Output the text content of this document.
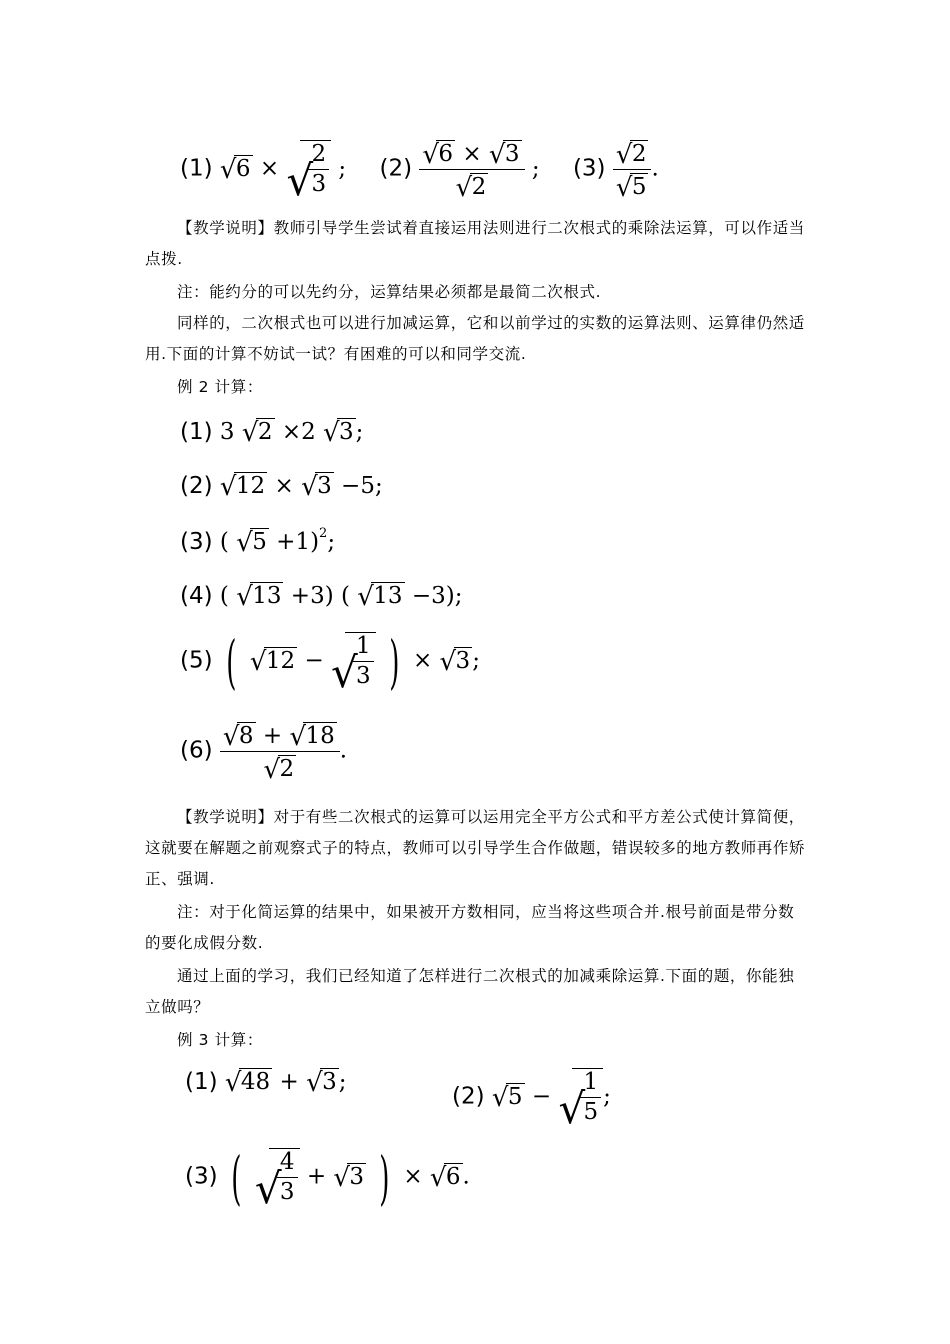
(1) √ 6 × √
$\frac{2}{3}$ ; $(2) \frac{√ 6 \times √ 3}{√ 2}$ ; $(3) \frac{√ 2}{√ 5}$ .

【教学说明】教师引导学生尝试着直接运用法则进行二次根式的乘除法运算，可以作适当点拨.

注：能约分的可以先约分，运算结果必须都是最简二次根式.

同样的，二次根式也可以进行加减运算，它和以前学过的实数的运算法则、运算律仍然适用.下面的计算不妨试一试？有困难的可以和同学交流.

例 2 计算：

(1) 3 √ 2 ×2 √ 3;
(2) √ 12 × √ 3 −5;
(3) ( √ 5 +1)$^2$;
(4) ( √ 13 +3) ( √ 13 −3);
(5) ( √ 12 − √
$\frac{1}{3}$ ) × √ 3;
$(6) \frac{√ 8 + √ 18}{√ 2}$ .

【教学说明】对于有些二次根式的运算可以运用完全平方公式和平方差公式使计算简便，这就要在解题之前观察式子的特点，教师可以引导学生合作做题，错误较多的地方教师再作矫正、强调.

注：对于化简运算的结果中，如果被开方数相同，应当将这些项合并.根号前面是带分数的要化成假分数.

通过上面的学习，我们已经知道了怎样进行二次根式的加减乘除运算.下面的题，你能独立做吗？

例 3 计算：

(1) √ 48 + √ 3;
(2) √ 5 − √
$\frac{1}{5}$ ;
(3) ( √
$\frac{4}{3}$ + √ 3 ) × √ 6.
